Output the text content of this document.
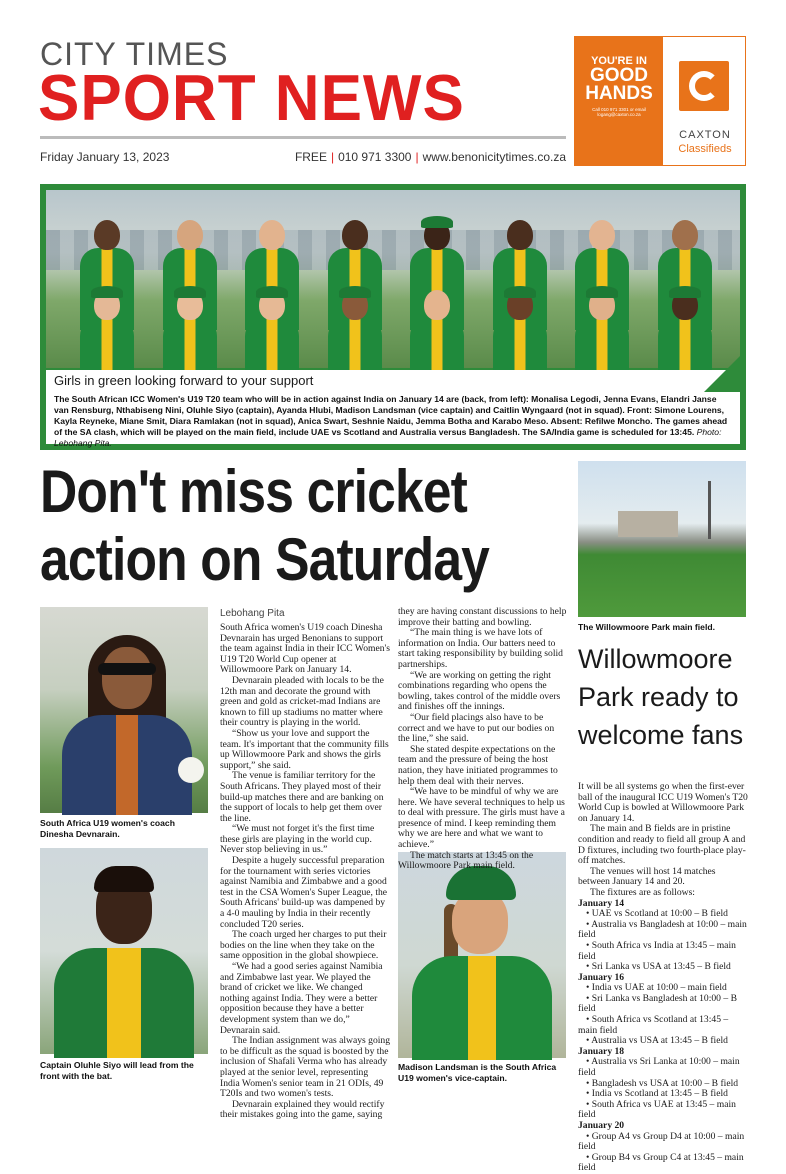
CITY TIMES
SPORT NEWS
Friday January 13, 2023	FREE | 010 971 3300 | www.benonicitytimes.co.za
YOU'RE IN
GOOD
HANDS
Call 010 971 3301 or email logang@caxton.co.za
CAXTON
Classifieds
Girls in green looking forward to your support
The South African ICC Women's U19 T20 team who will be in action against India on January 14 are (back, from left): Monalisa Legodi, Jenna Evans, Elandri Janse van Rensburg, Nthabiseng Nini, Oluhle Siyo (captain), Ayanda Hlubi, Madison Landsman (vice captain) and Caitlin Wyngaard (not in squad). Front: Simone Lourens, Kayla Reyneke, Miane Smit, Diara Ramlakan (not in squad), Anica Swart, Seshnie Naidu, Jemma Botha and Karabo Meso. Absent: Refilwe Moncho. The games ahead of the SA clash, which will be played on the main field, include UAE vs Scotland and Australia versus Bangladesh. The SA/India game is scheduled for 13:45. Photo: Lebohang Pita.
Don't miss cricket
action on Saturday
South Africa U19 women's coach Dinesha Devnarain.
Captain Oluhle Siyo will lead from the front with the bat.
The Willowmoore Park main field.
Madison Landsman is the South Africa U19 women's vice-captain.
Lebohang Pita

South Africa women's U19 coach Dinesha Devnarain has urged Benonians to support the team against India in their ICC Women's U19 T20 World Cup opener at Willowmoore Park on January 14.

Devnarain pleaded with locals to be the 12th man and decorate the ground with green and gold as cricket-mad Indians are known to fill up stadiums no matter where their country is playing in the world.

“Show us your love and support the team. It's important that the community fills up Willowmoore Park and shows the girls support,” she said.

The venue is familiar territory for the South Africans. They played most of their build-up matches there and are banking on the support of locals to help get them over the line.

“We must not forget it's the first time these girls are playing in the world cup. Never stop believing in us.”

Despite a hugely successful preparation for the tournament with series victories against Namibia and Zimbabwe and a good test in the CSA Women's Super League, the South Africans' build-up was dampened by a 4-0 mauling by India in their recently concluded T20 series.

The coach urged her charges to put their bodies on the line when they take on the same opposition in the global showpiece.

“We had a good series against Namibia and Zimbabwe last year. We played the brand of cricket we like. We changed nothing against India. They were a better opposition because they have a better development system than we do,” Devnarain said.

The Indian assignment was always going to be difficult as the squad is boosted by the inclusion of Shafali Verma who has already played at the senior level, representing India Women's senior team in 21 ODIs, 49 T20Is and two women's tests.

Devnarain explained they would rectify their mistakes going into the game, saying

they are having constant discussions to help improve their batting and bowling.

“The main thing is we have lots of information on India. Our batters need to start taking responsibility by building solid partnerships.

“We are working on getting the right combinations regarding who opens the bowling, takes control of the middle overs and finishes off the innings.

“Our field placings also have to be correct and we have to put our bodies on the line,” she said.

She stated despite expectations on the team and the pressure of being the host nation, they have initiated programmes to help them deal with their nerves.

“We have to be mindful of why we are here. We have several techniques to help us to deal with pressure. The girls must have a presence of mind. I keep reminding them why we are here and what we want to achieve.”

The match starts at 13:45 on the Willowmoore Park main field.

Willowmoore Park ready to welcome fans

It will be all systems go when the first-ever ball of the inaugural ICC U19 Women's T20 World Cup is bowled at Willowmoore Park on January 14.

The main and B fields are in pristine condition and ready to field all group A and D fixtures, including two fourth-place play-off matches.

The venues will host 14 matches between January 14 and 20.

The fixtures are as follows:

January 14

• UAE vs Scotland at 10:00 – B field

• Australia vs Bangladesh at 10:00 – main field

• South Africa vs India at 13:45 – main field

• Sri Lanka vs USA at 13:45 – B field

January 16

• India vs UAE at 10:00 – main field

• Sri Lanka vs Bangladesh at 10:00 – B field

• South Africa vs Scotland at 13:45 – main field

• Australia vs USA at 13:45 – B field

January 18

• Australia vs Sri Lanka at 10:00 – main field

• Bangladesh vs USA at 10:00 – B field

• India vs Scotland at 13:45 – B field

• South Africa vs UAE at 13:45 – main field

January 20

• Group A4 vs Group D4 at 10:00 – main field

• Group B4 vs Group C4 at 13:45 – main field
